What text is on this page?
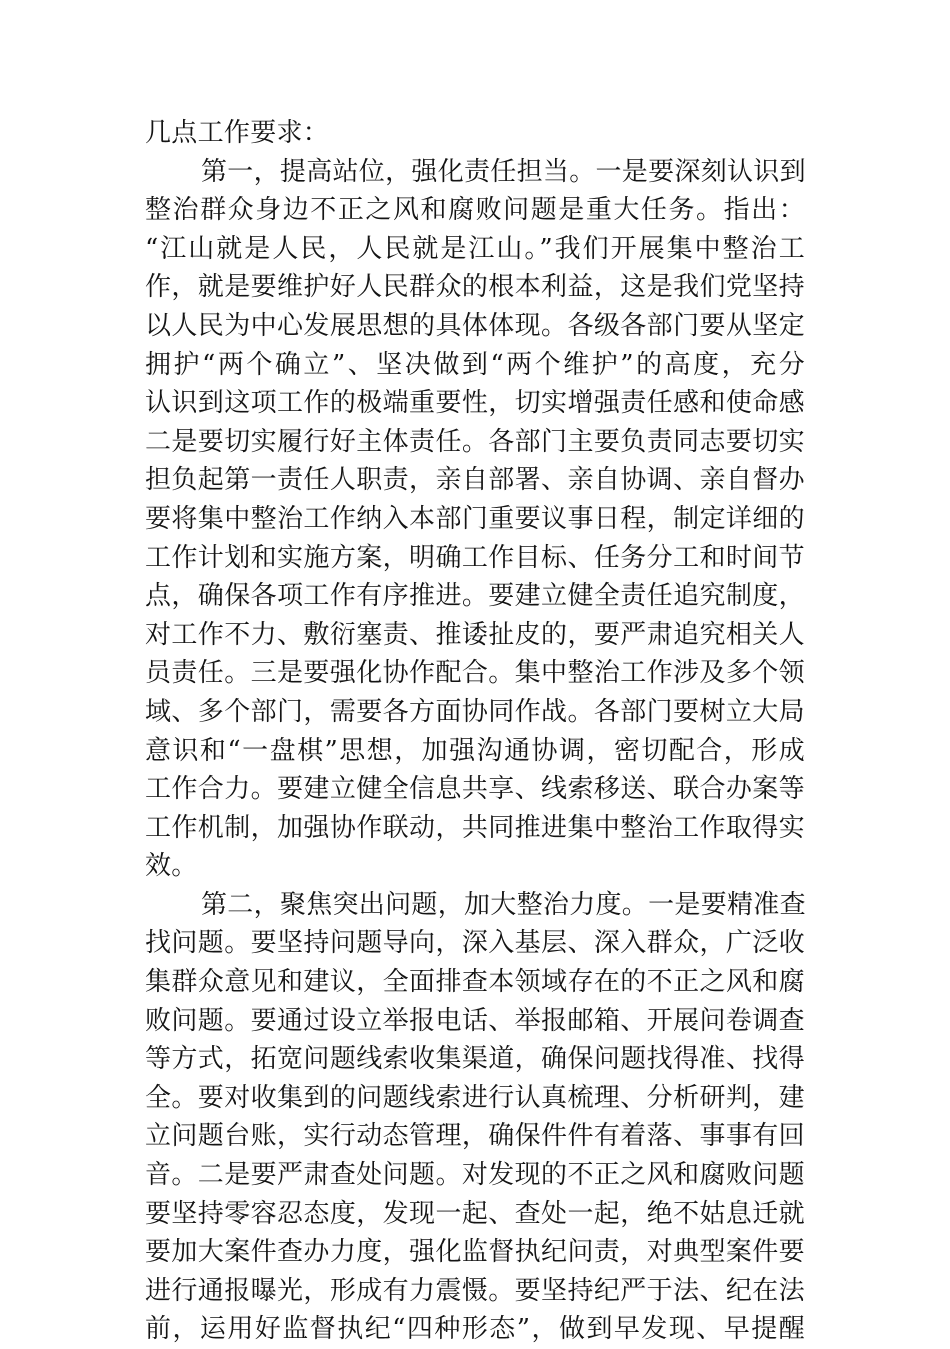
几点工作要求：
第一，提高站位，强化责任担当。一是要深刻认识到
整治群众身边不正之风和腐败问题是重大任务。指出：
“江山就是人民，人民就是江山。”我们开展集中整治工
作，就是要维护好人民群众的根本利益，这是我们党坚持
以人民为中心发展思想的具体体现。各级各部门要从坚定
拥护“两个确立”、坚决做到“两个维护”的高度，充分
认识到这项工作的极端重要性，切实增强责任感和使命感
二是要切实履行好主体责任。各部门主要负责同志要切实
担负起第一责任人职责，亲自部署、亲自协调、亲自督办
要将集中整治工作纳入本部门重要议事日程，制定详细的
工作计划和实施方案，明确工作目标、任务分工和时间节
点，确保各项工作有序推进。要建立健全责任追究制度，
对工作不力、敷衍塞责、推诿扯皮的，要严肃追究相关人
员责任。三是要强化协作配合。集中整治工作涉及多个领
域、多个部门，需要各方面协同作战。各部门要树立大局
意识和“一盘棋”思想，加强沟通协调，密切配合，形成
工作合力。要建立健全信息共享、线索移送、联合办案等
工作机制，加强协作联动，共同推进集中整治工作取得实
效。
第二，聚焦突出问题，加大整治力度。一是要精准查
找问题。要坚持问题导向，深入基层、深入群众，广泛收
集群众意见和建议，全面排查本领域存在的不正之风和腐
败问题。要通过设立举报电话、举报邮箱、开展问卷调查
等方式，拓宽问题线索收集渠道，确保问题找得准、找得
全。要对收集到的问题线索进行认真梳理、分析研判，建
立问题台账，实行动态管理，确保件件有着落、事事有回
音。二是要严肃查处问题。对发现的不正之风和腐败问题
要坚持零容忍态度，发现一起、查处一起，绝不姑息迁就
要加大案件查办力度，强化监督执纪问责，对典型案件要
进行通报曝光，形成有力震慑。要坚持纪严于法、纪在法
前，运用好监督执纪“四种形态”，做到早发现、早提醒
